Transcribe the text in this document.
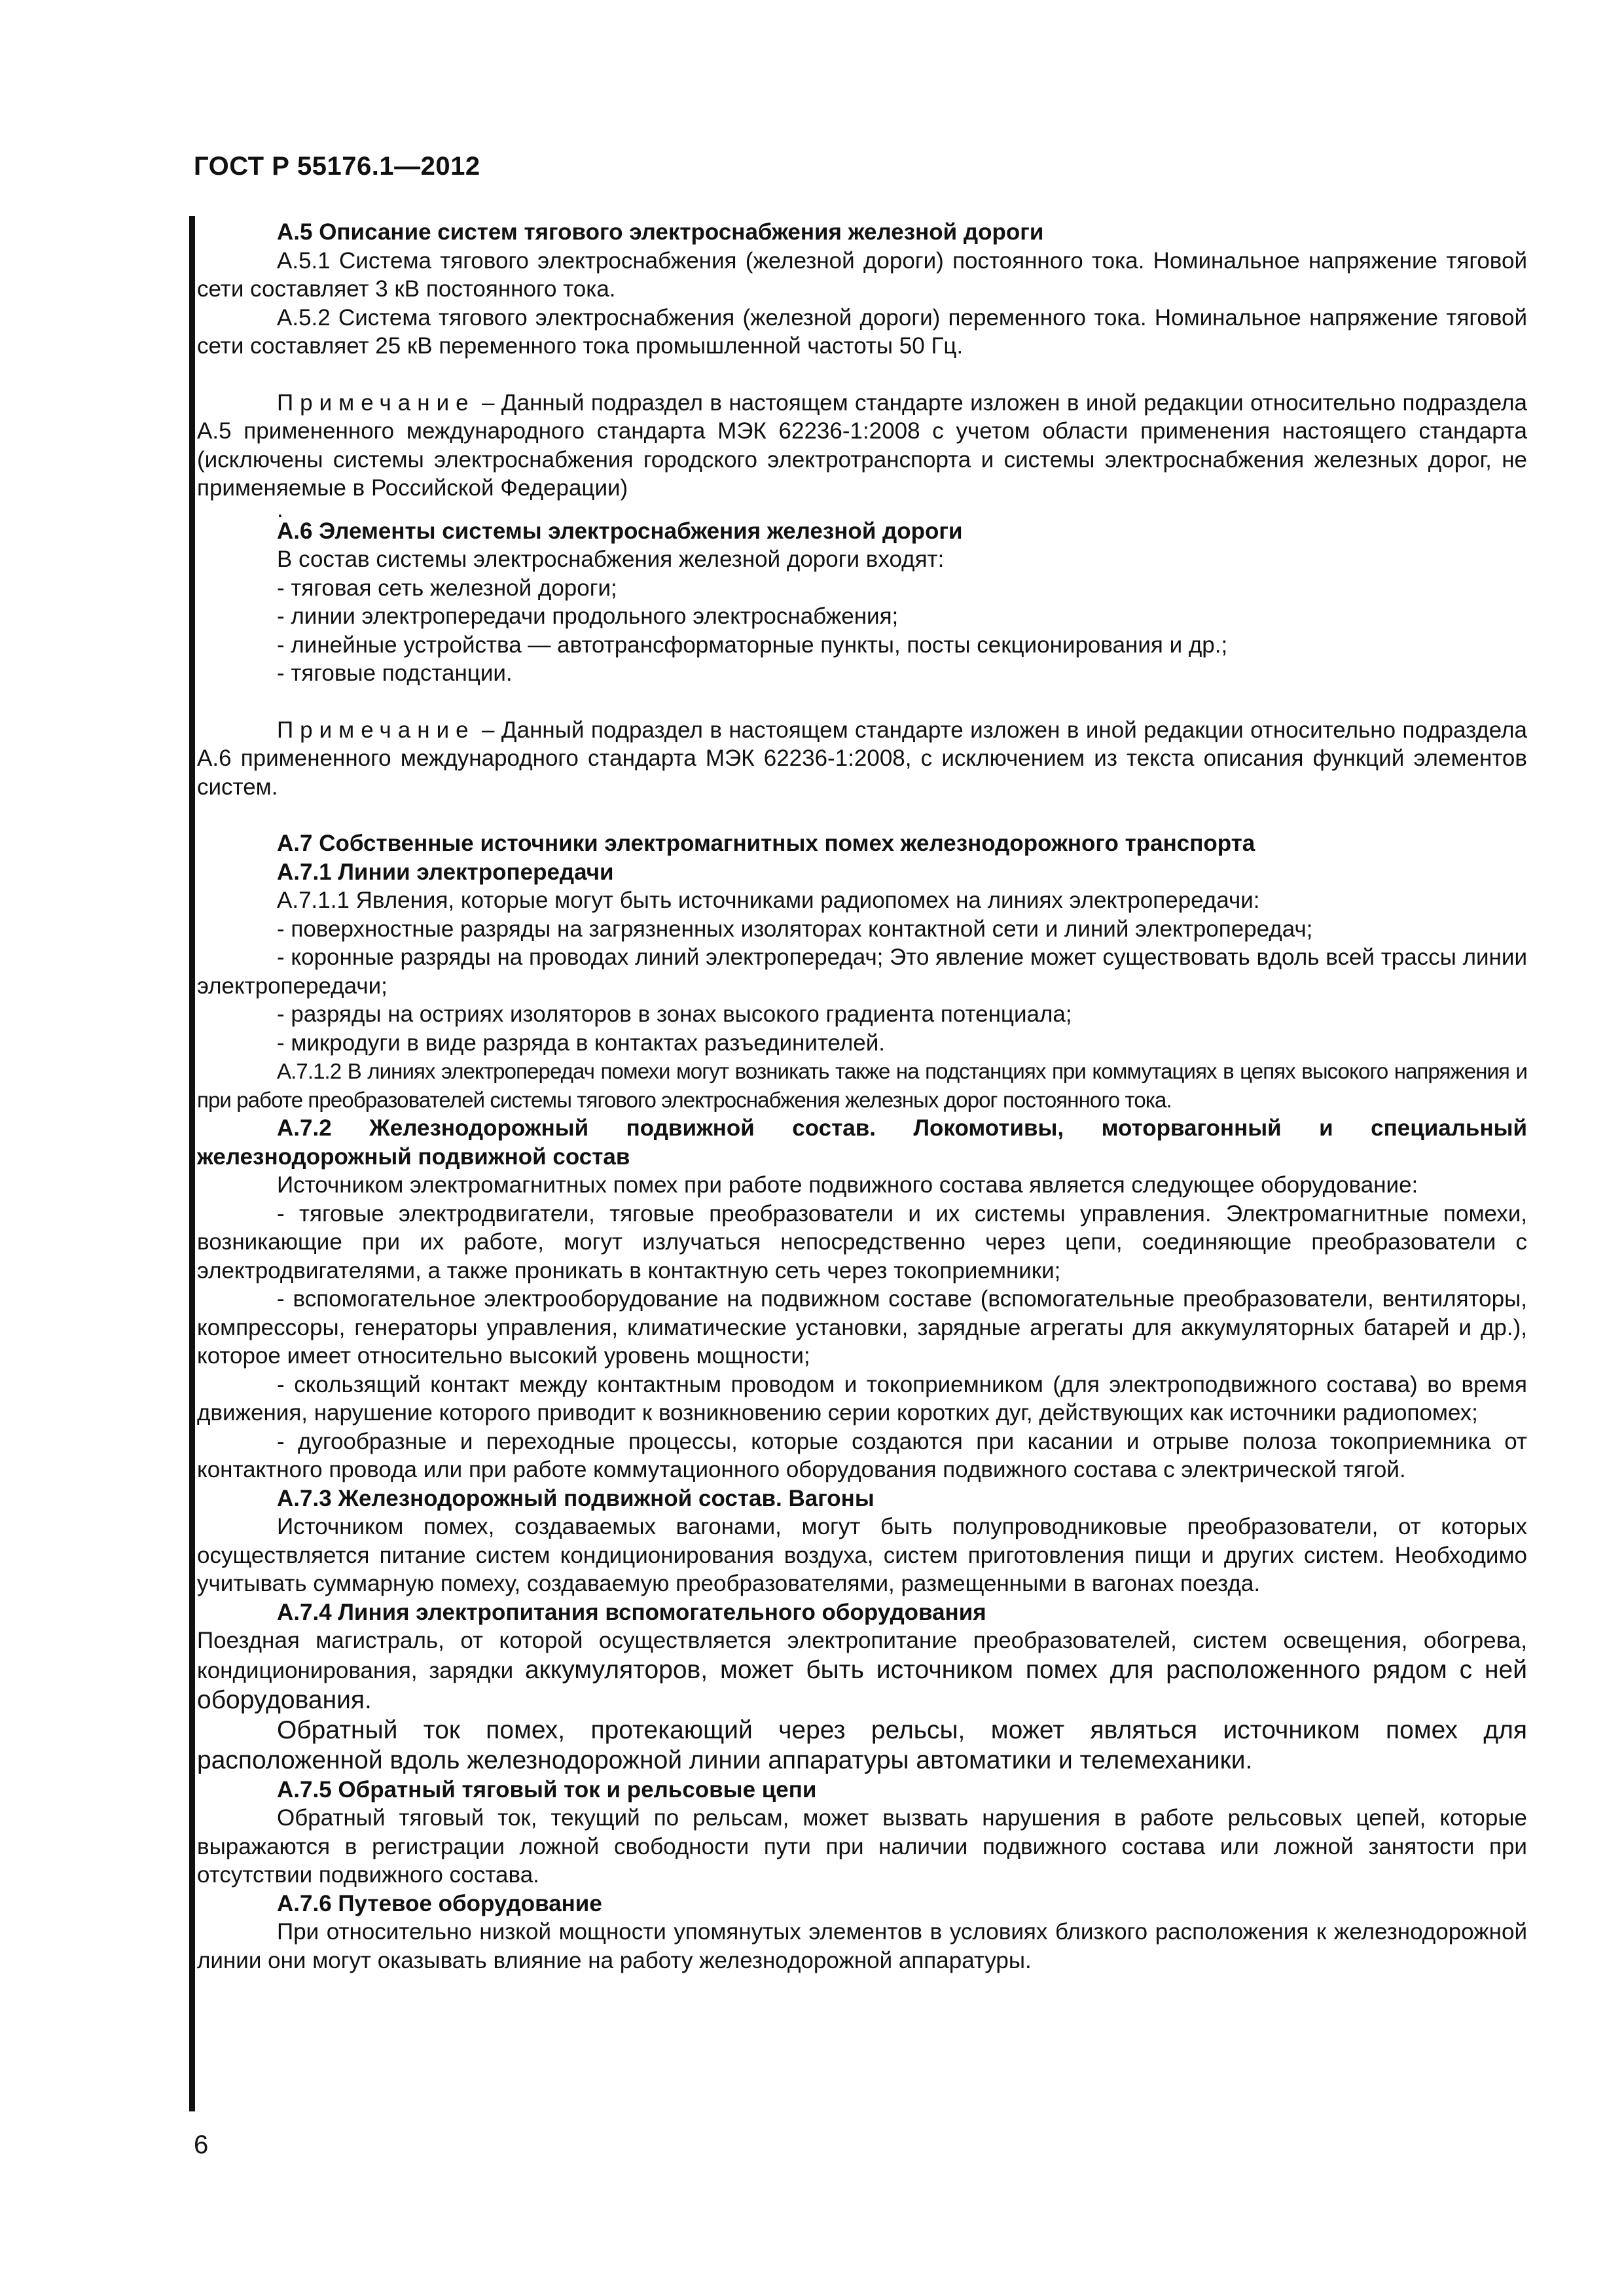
ГОСТ Р 55176.1—2012

А.5 Описание систем тягового электроснабжения железной дороги

А.5.1 Система тягового электроснабжения (железной дороги) постоянного тока. Номинальное напряжение тяговой сети составляет 3 кВ постоянного тока.

А.5.2 Система тягового электроснабжения (железной дороги) переменного тока. Номинальное напряжение тяговой сети составляет 25 кВ переменного тока промышленной частоты 50 Гц.

Примечание – Данный подраздел в настоящем стандарте изложен в иной редакции относительно подраздела А.5 примененного международного стандарта МЭК 62236-1:2008 с учетом области применения настоящего стандарта (исключены системы электроснабжения городского электротранспорта и системы электроснабжения железных дорог, не применяемые в Российской Федерации)

.

А.6 Элементы системы электроснабжения железной дороги

В состав системы электроснабжения железной дороги входят:

- тяговая сеть железной дороги;

- линии электропередачи продольного электроснабжения;

- линейные устройства — автотрансформаторные пункты, посты секционирования и др.;

- тяговые подстанции.

Примечание – Данный подраздел в настоящем стандарте изложен в иной редакции относительно подраздела А.6 примененного международного стандарта МЭК 62236-1:2008, с исключением из текста описания функций элементов систем.

А.7 Собственные источники электромагнитных помех железнодорожного транспорта

А.7.1 Линии электропередачи

А.7.1.1 Явления, которые могут быть источниками радиопомех на линиях электропередачи:

- поверхностные разряды на загрязненных изоляторах контактной сети и линий электропередач;

- коронные разряды на проводах линий электропередач; Это явление может существовать вдоль всей трассы линии электропередачи;

- разряды на остриях изоляторов в зонах высокого градиента потенциала;

- микродуги в виде разряда в контактах разъединителей.

А.7.1.2 В линиях электропередач помехи могут возникать также на подстанциях при коммутациях в цепях высокого напряжения и при работе преобразователей системы тягового электроснабжения железных дорог постоянного тока.

А.7.2 Железнодорожный подвижной состав. Локомотивы, моторвагонный и специальный железнодорожный подвижной состав

Источником электромагнитных помех при работе подвижного состава является следующее оборудование:

- тяговые электродвигатели, тяговые преобразователи и их системы управления. Электромагнитные помехи, возникающие при их работе, могут излучаться непосредственно через цепи, соединяющие преобразователи с электродвигателями, а также проникать в контактную сеть через токоприемники;

- вспомогательное электрооборудование на подвижном составе (вспомогательные преобразователи, вентиляторы, компрессоры, генераторы управления, климатические установки, зарядные агрегаты для аккумуляторных батарей и др.), которое имеет относительно высокий уровень мощности;

- скользящий контакт между контактным проводом и токоприемником (для электроподвижного состава) во время движения, нарушение которого приводит к возникновению серии коротких дуг, действующих как источники радиопомех;

- дугообразные и переходные процессы, которые создаются при касании и отрыве полоза токоприемника от контактного провода или при работе коммутационного оборудования подвижного состава с электрической тягой.

А.7.3 Железнодорожный подвижной состав. Вагоны

Источником помех, создаваемых вагонами, могут быть полупроводниковые преобразователи, от которых осуществляется питание систем кондиционирования воздуха, систем приготовления пищи и других систем. Необходимо учитывать суммарную помеху, создаваемую преобразователями, размещенными в вагонах поезда.

А.7.4 Линия электропитания вспомогательного оборудования

Поездная магистраль, от которой осуществляется электропитание преобразователей, систем освещения, обогрева, кондиционирования, зарядки аккумуляторов, может быть источником помех для расположенного рядом с ней оборудования.

Обратный ток помех, протекающий через рельсы, может являться источником помех для расположенной вдоль железнодорожной линии аппаратуры автоматики и телемеханики.

А.7.5 Обратный тяговый ток и рельсовые цепи

Обратный тяговый ток, текущий по рельсам, может вызвать нарушения в работе рельсовых цепей, которые выражаются в регистрации ложной свободности пути при наличии подвижного состава или ложной занятости при отсутствии подвижного состава.

А.7.6 Путевое оборудование

При относительно низкой мощности упомянутых элементов в условиях близкого расположения к железнодорожной линии они могут оказывать влияние на работу железнодорожной аппаратуры.

6
